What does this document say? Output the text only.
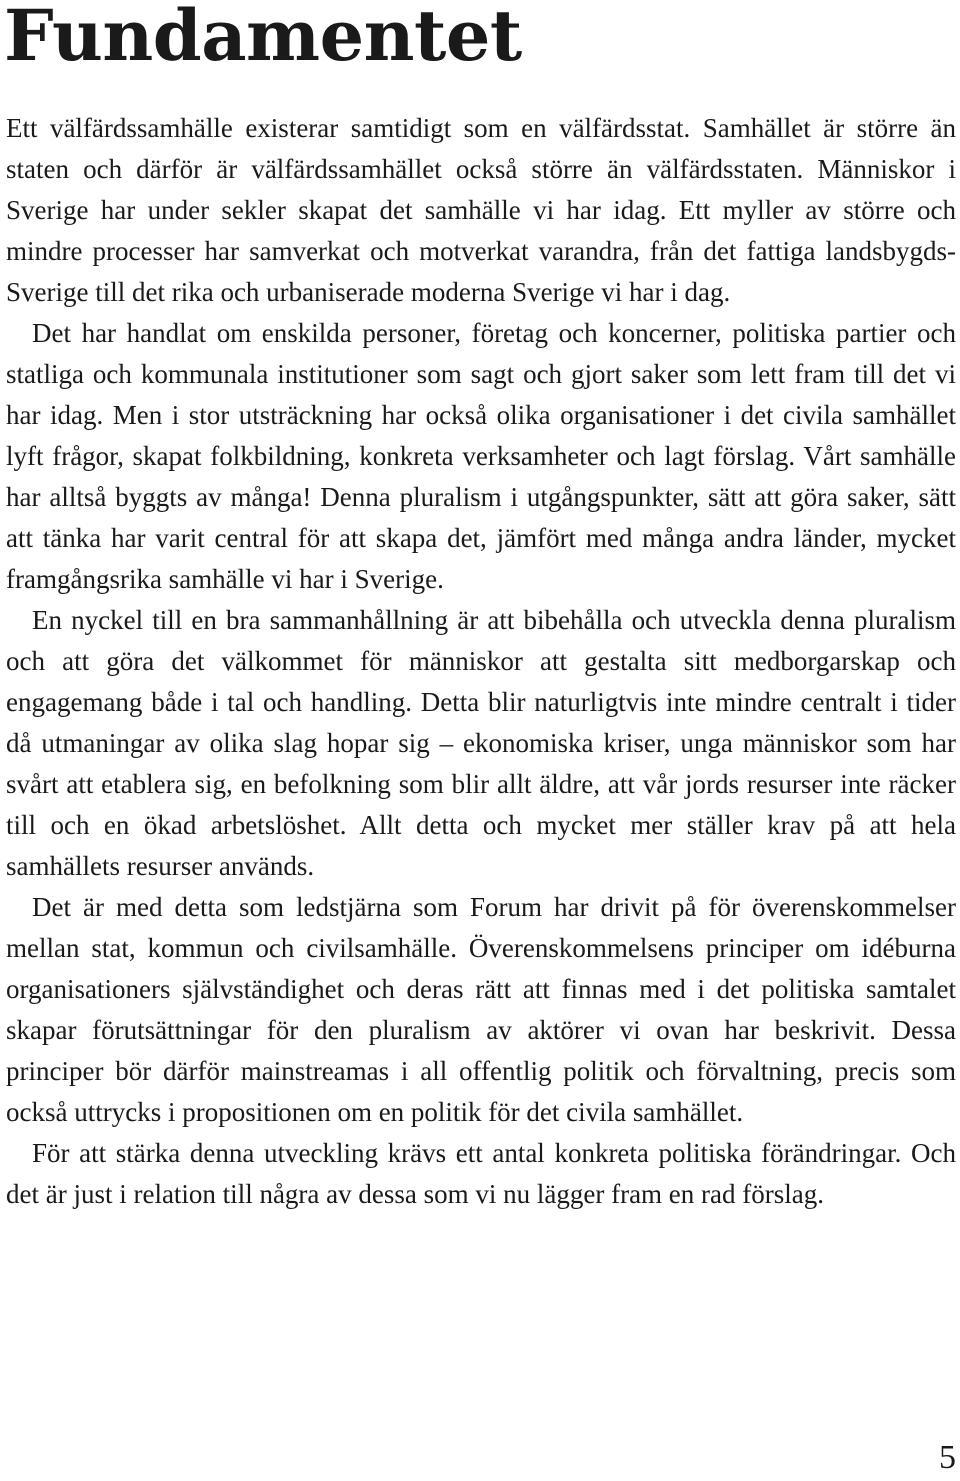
Fundamentet

Ett välfärdssamhälle existerar samtidigt som en välfärdsstat. Samhället är större än staten och därför är välfärdssamhället också större än välfärdsstaten. Människor i Sverige har under sekler skapat det samhälle vi har idag. Ett myller av större och mindre processer har samverkat och motverkat varandra, från det fattiga landsbygds-Sverige till det rika och urbaniserade moderna Sverige vi har i dag.

Det har handlat om enskilda personer, företag och koncerner, politiska partier och statliga och kommunala institutioner som sagt och gjort saker som lett fram till det vi har idag. Men i stor utsträckning har också olika organisationer i det civila samhället lyft frågor, skapat folkbildning, konkreta verksamheter och lagt förslag. Vårt samhälle har alltså byggts av många! Denna pluralism i utgångspunkter, sätt att göra saker, sätt att tänka har varit central för att skapa det, jämfört med många andra länder, mycket framgångsrika samhälle vi har i Sverige.

En nyckel till en bra sammanhållning är att bibehålla och utveckla denna pluralism och att göra det välkommet för människor att gestalta sitt medborgarskap och engagemang både i tal och handling. Detta blir naturligtvis inte mindre centralt i tider då utmaningar av olika slag hopar sig – ekonomiska kriser, unga människor som har svårt att etablera sig, en befolkning som blir allt äldre, att vår jords resurser inte räcker till och en ökad arbetslöshet. Allt detta och mycket mer ställer krav på att hela samhällets resurser används.

Det är med detta som ledstjärna som Forum har drivit på för överenskommelser mellan stat, kommun och civilsamhälle. Överenskommelsens principer om idéburna organisationers självständighet och deras rätt att finnas med i det politiska samtalet skapar förutsättningar för den pluralism av aktörer vi ovan har beskrivit. Dessa principer bör därför mainstreamas i all offentlig politik och förvaltning, precis som också uttrycks i propositionen om en politik för det civila samhället.

För att stärka denna utveckling krävs ett antal konkreta politiska förändringar. Och det är just i relation till några av dessa som vi nu lägger fram en rad förslag.

5
